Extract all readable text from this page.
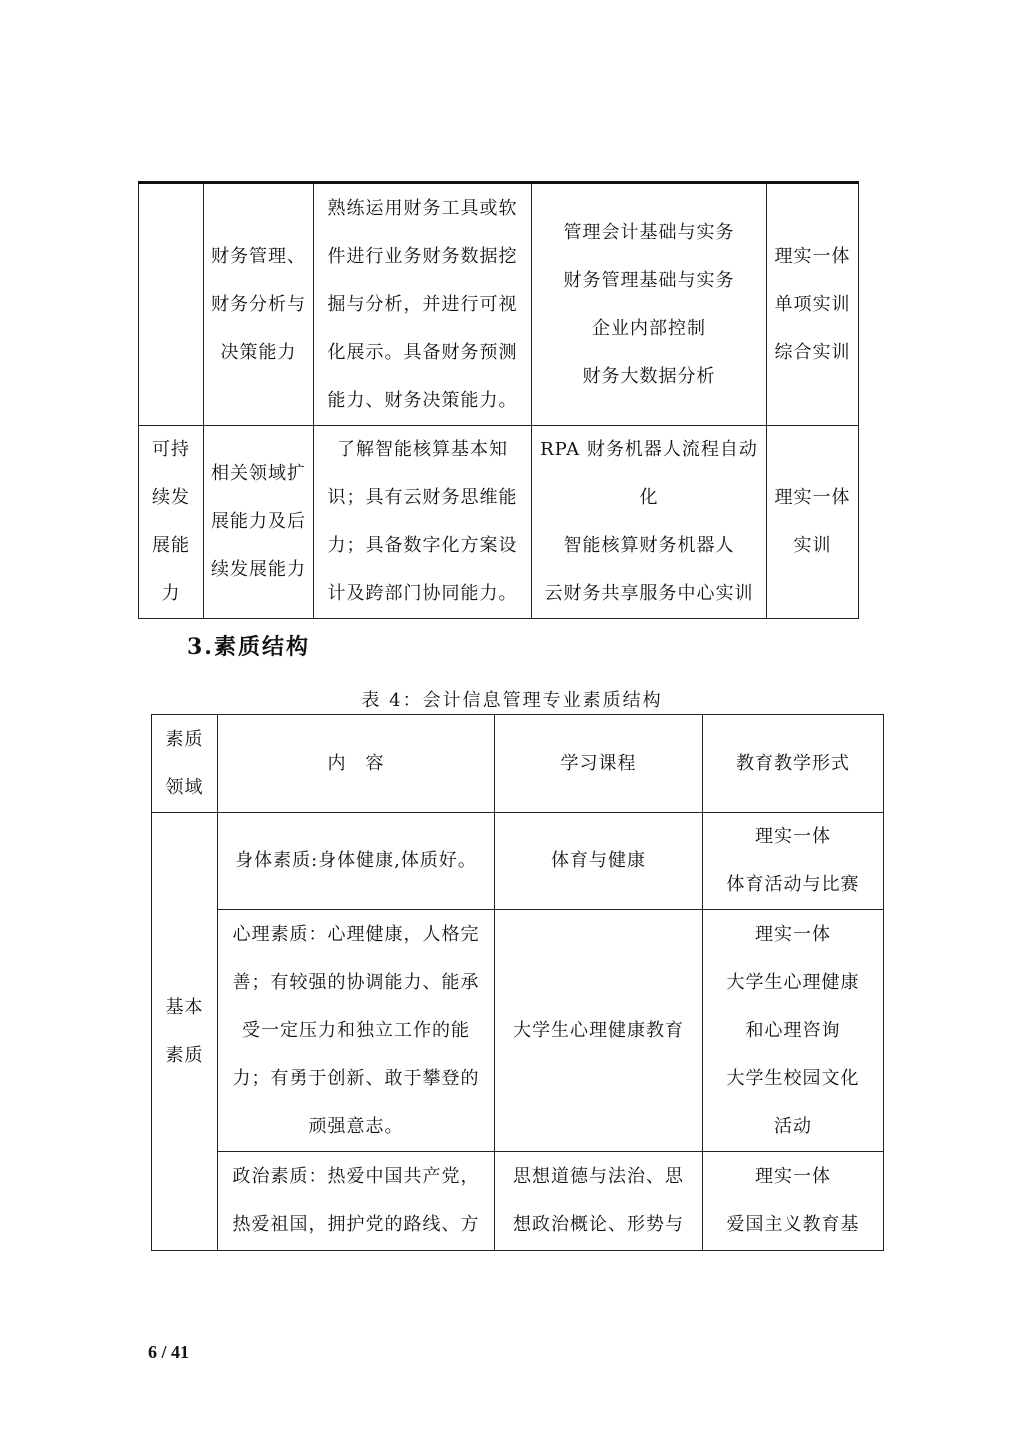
	财务管理、
财务分析与
决策能力	熟练运用财务工具或软
件进行业务财务数据挖
掘与分析，并进行可视
化展示。具备财务预测
能力、财务决策能力。	管理会计基础与实务
财务管理基础与实务
企业内部控制
财务大数据分析	理实一体
单项实训
综合实训

可持
续发
展能
力	相关领域扩
展能力及后
续发展能力	了解智能核算基本知
识；具有云财务思维能
力；具备数字化方案设
计及跨部门协同能力。	RPA 财务机器人流程自动
化
智能核算财务机器人
云财务共享服务中心实训	理实一体
实训
3.素质结构
表 4：会计信息管理专业素质结构
素质
领域	内　容	学习课程	教育教学形式

基本
素质	身体素质:身体健康,体质好。	体育与健康	理实一体
体育活动与比赛

	心理素质：心理健康，人格完
善；有较强的协调能力、能承
受一定压力和独立工作的能
力；有勇于创新、敢于攀登的
顽强意志。	大学生心理健康教育	理实一体
大学生心理健康
和心理咨询
大学生校园文化
活动

	政治素质：热爱中国共产党，
热爱祖国，拥护党的路线、方	思想道德与法治、思
想政治概论、形势与	理实一体
爱国主义教育基
6 / 41
